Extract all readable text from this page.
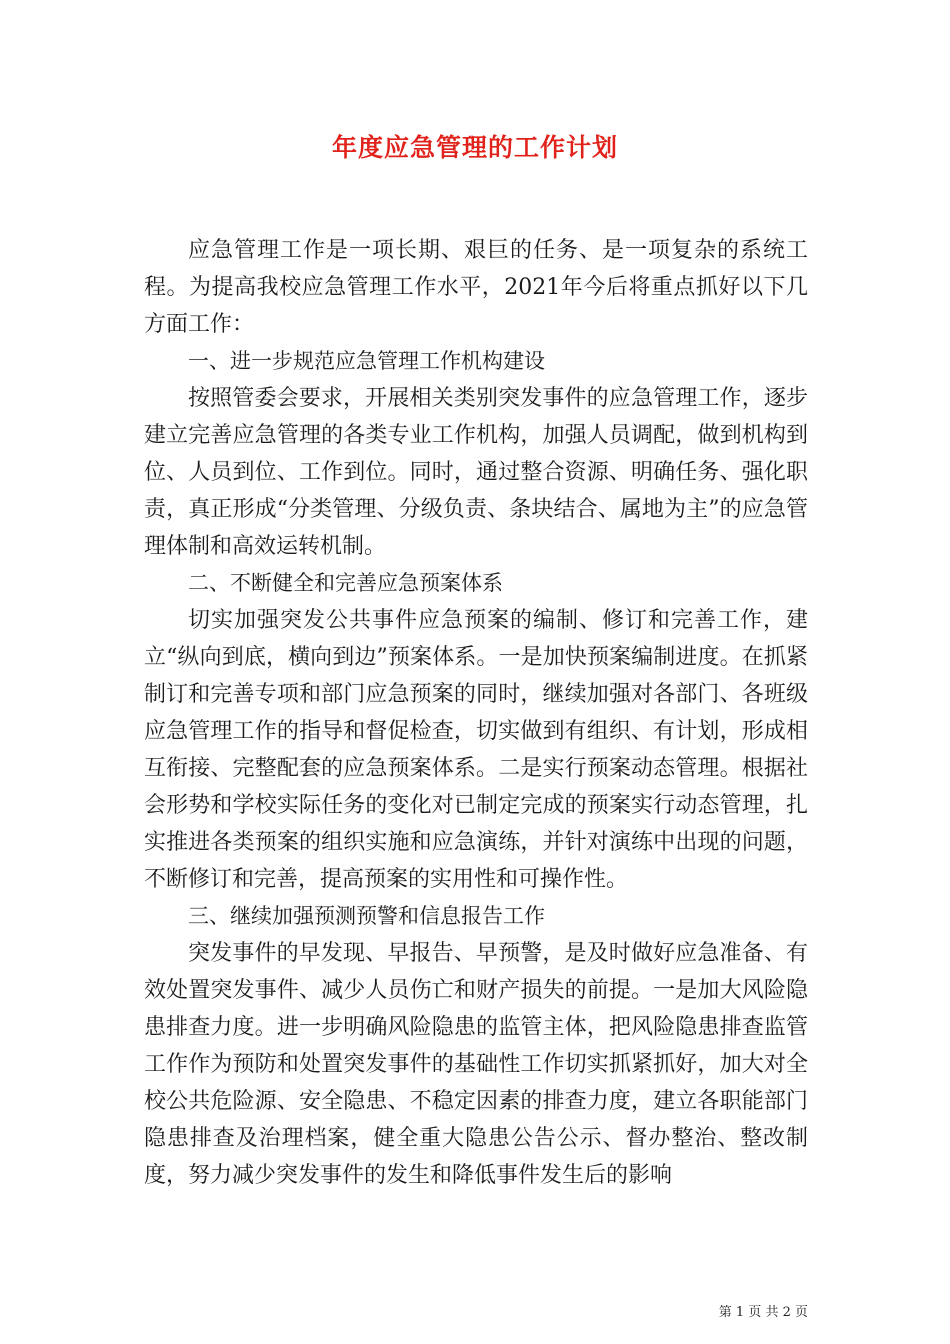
年度应急管理的工作计划

应急管理工作是一项长期、艰巨的任务、是一项复杂的系统工程。为提高我校应急管理工作水平，2021年今后将重点抓好以下几方面工作：

一、进一步规范应急管理工作机构建设

按照管委会要求，开展相关类别突发事件的应急管理工作，逐步建立完善应急管理的各类专业工作机构，加强人员调配，做到机构到位、人员到位、工作到位。同时，通过整合资源、明确任务、强化职责，真正形成“分类管理、分级负责、条块结合、属地为主”的应急管理体制和高效运转机制。

二、不断健全和完善应急预案体系

切实加强突发公共事件应急预案的编制、修订和完善工作，建立“纵向到底，横向到边”预案体系。一是加快预案编制进度。在抓紧制订和完善专项和部门应急预案的同时，继续加强对各部门、各班级应急管理工作的指导和督促检查，切实做到有组织、有计划，形成相互衔接、完整配套的应急预案体系。二是实行预案动态管理。根据社会形势和学校实际任务的变化对已制定完成的预案实行动态管理，扎实推进各类预案的组织实施和应急演练，并针对演练中出现的问题，不断修订和完善，提高预案的实用性和可操作性。

三、继续加强预测预警和信息报告工作

突发事件的早发现、早报告、早预警，是及时做好应急准备、有效处置突发事件、减少人员伤亡和财产损失的前提。一是加大风险隐患排查力度。进一步明确风险隐患的监管主体，把风险隐患排查监管工作作为预防和处置突发事件的基础性工作切实抓紧抓好，加大对全校公共危险源、安全隐患、不稳定因素的排查力度，建立各职能部门隐患排查及治理档案，健全重大隐患公告公示、督办整治、整改制度，努力减少突发事件的发生和降低事件发生后的影响

第 1 页 共 2 页
